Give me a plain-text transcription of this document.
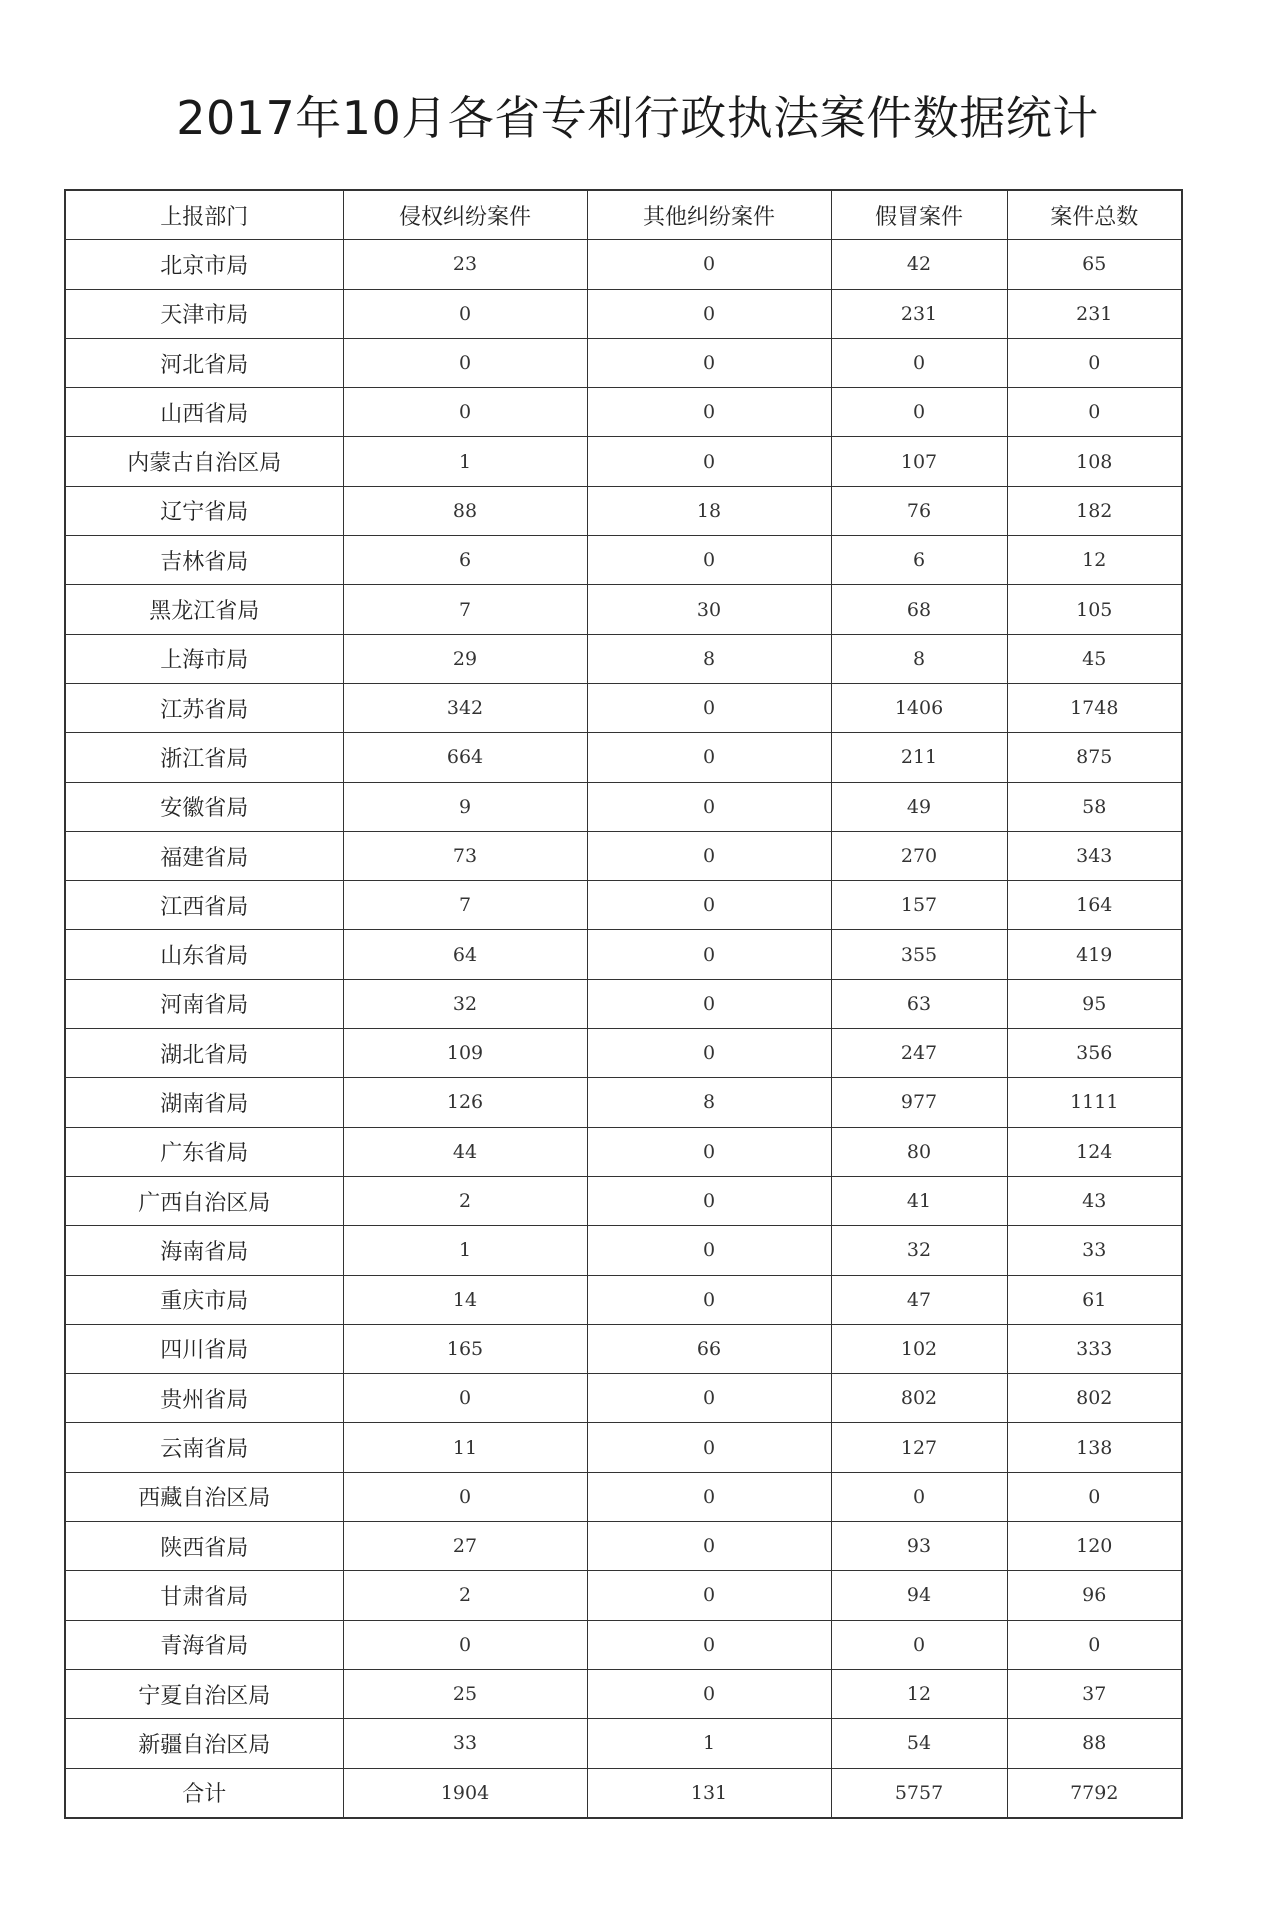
2017年10月各省专利行政执法案件数据统计
上报部门	侵权纠纷案件	其他纠纷案件	假冒案件	案件总数
北京市局	23	0	42	65
天津市局	0	0	231	231
河北省局	0	0	0	0
山西省局	0	0	0	0
内蒙古自治区局	1	0	107	108
辽宁省局	88	18	76	182
吉林省局	6	0	6	12
黑龙江省局	7	30	68	105
上海市局	29	8	8	45
江苏省局	342	0	1406	1748
浙江省局	664	0	211	875
安徽省局	9	0	49	58
福建省局	73	0	270	343
江西省局	7	0	157	164
山东省局	64	0	355	419
河南省局	32	0	63	95
湖北省局	109	0	247	356
湖南省局	126	8	977	1111
广东省局	44	0	80	124
广西自治区局	2	0	41	43
海南省局	1	0	32	33
重庆市局	14	0	47	61
四川省局	165	66	102	333
贵州省局	0	0	802	802
云南省局	11	0	127	138
西藏自治区局	0	0	0	0
陕西省局	27	0	93	120
甘肃省局	2	0	94	96
青海省局	0	0	0	0
宁夏自治区局	25	0	12	37
新疆自治区局	33	1	54	88
合计	1904	131	5757	7792
